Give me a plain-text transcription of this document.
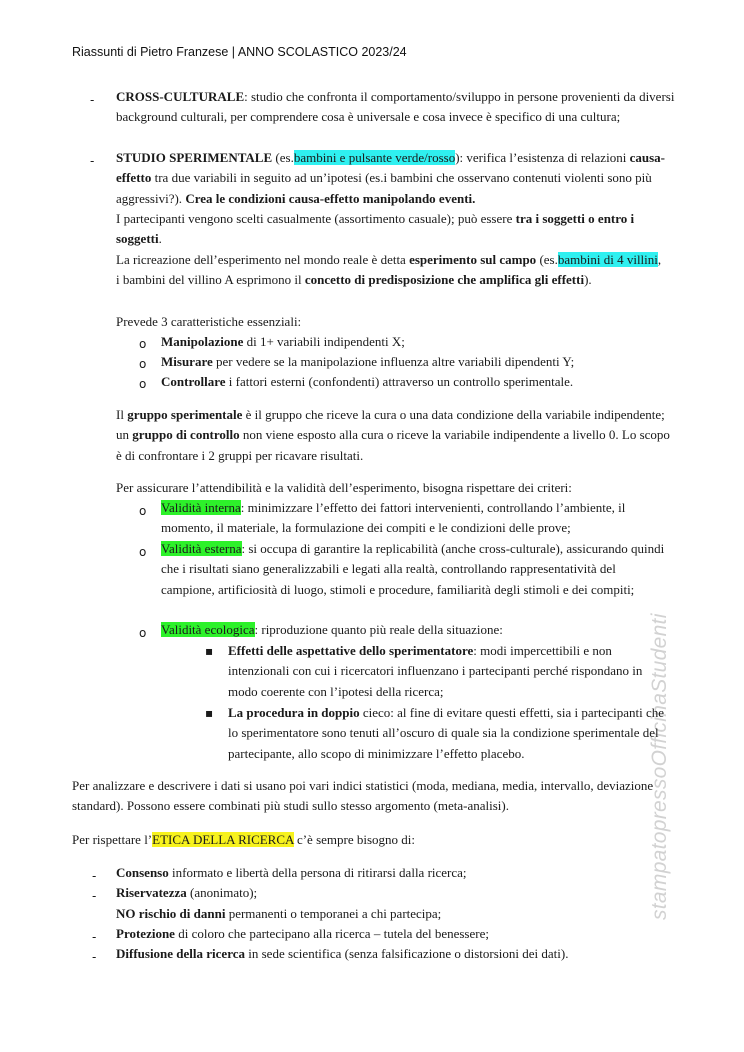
Riassunti di Pietro Franzese | ANNO SCOLASTICO 2023/24
stampatopressoOfficinaStudenti
- CROSS-CULTURALE: studio che confronta il comportamento/sviluppo in persone provenienti da diversi background culturali, per comprendere cosa è universale e cosa invece è specifico di una cultura;
- STUDIO SPERIMENTALE (es.bambini e pulsante verde/rosso): verifica l’esistenza di relazioni causa-effetto tra due variabili in seguito ad un’ipotesi (es.i bambini che osservano contenuti violenti sono più aggressivi?). Crea le condizioni causa-effetto manipolando eventi.
I partecipanti vengono scelti casualmente (assortimento casuale); può essere tra i soggetti o entro i soggetti.
La ricreazione dell’esperimento nel mondo reale è detta esperimento sul campo (es.bambini di 4 villini, i bambini del villino A esprimono il concetto di predisposizione che amplifica gli effetti).
Prevede 3 caratteristiche essenziali:
o Manipolazione di 1+ variabili indipendenti X;
o Misurare per vedere se la manipolazione influenza altre variabili dipendenti Y;
o Controllare i fattori esterni (confondenti) attraverso un controllo sperimentale.
Il gruppo sperimentale è il gruppo che riceve la cura o una data condizione della variabile indipendente; un gruppo di controllo non viene esposto alla cura o riceve la variabile indipendente a livello 0. Lo scopo è di confrontare i 2 gruppi per ricavare risultati.
Per assicurare l’attendibilità e la validità dell’esperimento, bisogna rispettare dei criteri:
o Validità interna: minimizzare l’effetto dei fattori intervenienti, controllando l’ambiente, il momento, il materiale, la formulazione dei compiti e le condizioni delle prove;
o Validità esterna: si occupa di garantire la replicabilità (anche cross-culturale), assicurando quindi che i risultati siano generalizzabili e legati alla realtà, controllando rappresentatività del campione, artificiosità di luogo, stimoli e procedure, familiarità degli stimoli e dei compiti;
o Validità ecologica: riproduzione quanto più reale della situazione:
▪ Effetti delle aspettative dello sperimentatore: modi impercettibili e non intenzionali con cui i ricercatori influenzano i partecipanti perché rispondano in modo coerente con l’ipotesi della ricerca;
▪ La procedura in doppio cieco: al fine di evitare questi effetti, sia i partecipanti che lo sperimentatore sono tenuti all’oscuro di quale sia la condizione sperimentale del partecipante, allo scopo di minimizzare l’effetto placebo.
Per analizzare e descrivere i dati si usano poi vari indici statistici (moda, mediana, media, intervallo, deviazione standard). Possono essere combinati più studi sullo stesso argomento (meta-analisi).
Per rispettare l’ETICA DELLA RICERCA c’è sempre bisogno di:
- Consenso informato e libertà della persona di ritirarsi dalla ricerca;
- Riservatezza (anonimato);
NO rischio di danni permanenti o temporanei a chi partecipa;
- Protezione di coloro che partecipano alla ricerca – tutela del benessere;
- Diffusione della ricerca in sede scientifica (senza falsificazione o distorsioni dei dati).
